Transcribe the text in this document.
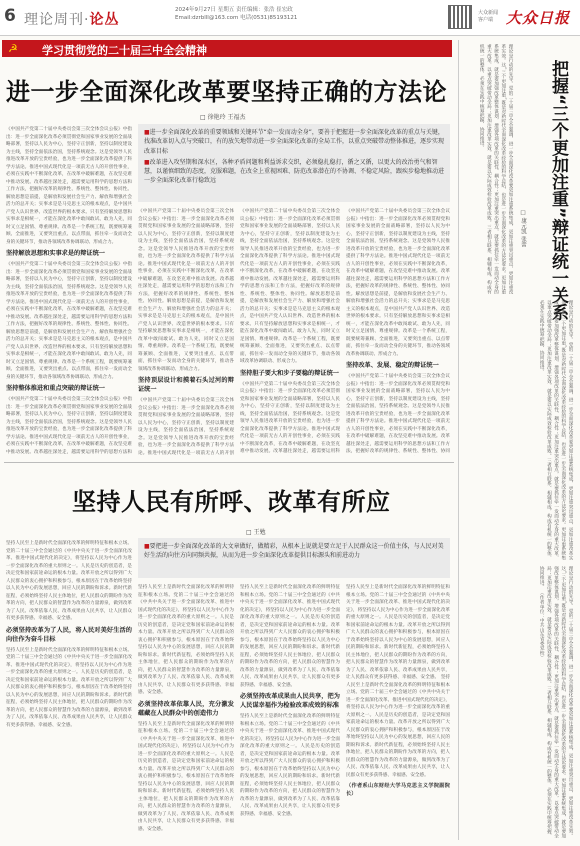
6 理论周刊·论丛
2024年9月27日 星期五 责任编辑：张浩 崔宏政
Email:dzrblll@163.com 电话(0531)85193121
大众新闻
客户端 大众日报
☭ 学习贯彻党的二十届三中全会精神
进一步全面深化改革要坚持正确的方法论
□ 徐艳玲 王福杰

■进一步全面深化改革的重要领域和关键环节“牵一发而动全身”，要善于把握进一步全面深化改革的重点与关键，找准改革切入点与突破口，有的放矢地带动进一步全面深化改革的全局工作，以重点突破带动整体推进，逐步实现改革目标

■改革进入攻坚期和深水区，各种矛盾问题和利益诉求交织，必须稳扎稳打，循之又循，以更大的改治勇气和智慧，以谨慎细致的态度，克服难题，在改全上重视困难、防范改革潜在的不协调、不稳定风险，跟疾步稳地推动进一步全面深化改革行稳致远

《中国共产党第二十届中央委员会第三次全体会议公报》中指出：进一步全面深化改革必须贯彻党和国家事业发展的全面战略部署，坚持以人民为中心，坚持守正创新，坚持以制度建设为主线，坚持全面依法治国，坚持系统观念。这是党领导人民推进改革开放的宝贵经验，也为进一步全面深化改革提供了科学方法论。推进中国式现代化是一项前无古人的开创性事业，必须在实践中不断深化改革，在改革中破解难题，在攻坚克难中推动发展。改革越往深处走，越需要运用科学的思想方法和工作方法，把握好改革的规律性、系统性、整体性、协同性。解放思想是前提，是解放和发展社会生产力、解放和增强社会活力的总开关；实事求是是马克思主义的根本观点，是中国共产党人认识世界、改造世界的根本要求。只有坚持解放思想和实事求是相统一，才能在深化改革中敢闯敢试、敢为人先，同时又立足国情、尊重规律。改革是一个系统工程，既要统筹兼顾、全面推进，又要突出重点、以点带面，抓住牵一发而动全身的关键环节，推动各领域改革协调联动、形成合力。
坚持解放思想和实事求是的辩证统一
《中国共产党第二十届中央委员会第三次全体会议公报》中指出：进一步全面深化改革必须贯彻党和国家事业发展的全面战略部署，坚持以人民为中心，坚持守正创新，坚持以制度建设为主线，坚持全面依法治国，坚持系统观念。这是党领导人民推进改革开放的宝贵经验，也为进一步全面深化改革提供了科学方法论。推进中国式现代化是一项前无古人的开创性事业，必须在实践中不断深化改革，在改革中破解难题，在攻坚克难中推动发展。改革越往深处走，越需要运用科学的思想方法和工作方法，把握好改革的规律性、系统性、整体性、协同性。解放思想是前提，是解放和发展社会生产力、解放和增强社会活力的总开关；实事求是是马克思主义的根本观点，是中国共产党人认识世界、改造世界的根本要求。只有坚持解放思想和实事求是相统一，才能在深化改革中敢闯敢试、敢为人先，同时又立足国情、尊重规律。改革是一个系统工程，既要统筹兼顾、全面推进，又要突出重点、以点带面，抓住牵一发而动全身的关键环节，推动各领域改革协调联动、形成合力。
坚持整体推进和重点突破的辩证统一
《中国共产党第二十届中央委员会第三次全体会议公报》中指出：进一步全面深化改革必须贯彻党和国家事业发展的全面战略部署，坚持以人民为中心，坚持守正创新，坚持以制度建设为主线，坚持全面依法治国，坚持系统观念。这是党领导人民推进改革开放的宝贵经验，也为进一步全面深化改革提供了科学方法论。推进中国式现代化是一项前无古人的开创性事业，必须在实践中不断深化改革，在改革中破解难题，在攻坚克难中推动发展。改革越往深处走，越需要运用科学的思想方法和
《中国共产党第二十届中央委员会第三次全体会议公报》中指出：进一步全面深化改革必须贯彻党和国家事业发展的全面战略部署，坚持以人民为中心，坚持守正创新，坚持以制度建设为主线，坚持全面依法治国，坚持系统观念。这是党领导人民推进改革开放的宝贵经验，也为进一步全面深化改革提供了科学方法论。推进中国式现代化是一项前无古人的开创性事业，必须在实践中不断深化改革，在改革中破解难题，在攻坚克难中推动发展。改革越往深处走，越需要运用科学的思想方法和工作方法，把握好改革的规律性、系统性、整体性、协同性。解放思想是前提，是解放和发展社会生产力、解放和增强社会活力的总开关；实事求是是马克思主义的根本观点，是中国共产党人认识世界、改造世界的根本要求。只有坚持解放思想和实事求是相统一，才能在深化改革中敢闯敢试、敢为人先，同时又立足国情、尊重规律。改革是一个系统工程，既要统筹兼顾、全面推进，又要突出重点、以点带面，抓住牵一发而动全身的关键环节，推动各领域改革协调联动、形成合力。
坚持顶层设计和摸着石头过河的辩证统一
《中国共产党第二十届中央委员会第三次全体会议公报》中指出：进一步全面深化改革必须贯彻党和国家事业发展的全面战略部署，坚持以人民为中心，坚持守正创新，坚持以制度建设为主线，坚持全面依法治国，坚持系统观念。这是党领导人民推进改革开放的宝贵经验，也为进一步全面深化改革提供了科学方法论。推进中国式现代化是一项前无古人的开创
《中国共产党第二十届中央委员会第三次全体会议公报》中指出：进一步全面深化改革必须贯彻党和国家事业发展的全面战略部署，坚持以人民为中心，坚持守正创新，坚持以制度建设为主线，坚持全面依法治国，坚持系统观念。这是党领导人民推进改革开放的宝贵经验，也为进一步全面深化改革提供了科学方法论。推进中国式现代化是一项前无古人的开创性事业，必须在实践中不断深化改革，在改革中破解难题，在攻坚克难中推动发展。改革越往深处走，越需要运用科学的思想方法和工作方法，把握好改革的规律性、系统性、整体性、协同性。解放思想是前提，是解放和发展社会生产力、解放和增强社会活力的总开关；实事求是是马克思主义的根本观点，是中国共产党人认识世界、改造世界的根本要求。只有坚持解放思想和实事求是相统一，才能在深化改革中敢闯敢试、敢为人先，同时又立足国情、尊重规律。改革是一个系统工程，既要统筹兼顾、全面推进，又要突出重点、以点带面，抓住牵一发而动全身的关键环节，推动各领域改革协调联动、形成合力。
坚持胆子要大和步子要稳的辩证统一
《中国共产党第二十届中央委员会第三次全体会议公报》中指出：进一步全面深化改革必须贯彻党和国家事业发展的全面战略部署，坚持以人民为中心，坚持守正创新，坚持以制度建设为主线，坚持全面依法治国，坚持系统观念。这是党领导人民推进改革开放的宝贵经验，也为进一步全面深化改革提供了科学方法论。推进中国式现代化是一项前无古人的开创性事业，必须在实践中不断深化改革，在改革中破解难题，在攻坚克难中推动发展。改革越往深处走，越需要运用科
《中国共产党第二十届中央委员会第三次全体会议公报》中指出：进一步全面深化改革必须贯彻党和国家事业发展的全面战略部署，坚持以人民为中心，坚持守正创新，坚持以制度建设为主线，坚持全面依法治国，坚持系统观念。这是党领导人民推进改革开放的宝贵经验，也为进一步全面深化改革提供了科学方法论。推进中国式现代化是一项前无古人的开创性事业，必须在实践中不断深化改革，在改革中破解难题，在攻坚克难中推动发展。改革越往深处走，越需要运用科学的思想方法和工作方法，把握好改革的规律性、系统性、整体性、协同性。解放思想是前提，是解放和发展社会生产力、解放和增强社会活力的总开关；实事求是是马克思主义的根本观点，是中国共产党人认识世界、改造世界的根本要求。只有坚持解放思想和实事求是相统一，才能在深化改革中敢闯敢试、敢为人先，同时又立足国情、尊重规律。改革是一个系统工程，既要统筹兼顾、全面推进，又要突出重点、以点带面，抓住牵一发而动全身的关键环节，推动各领域改革协调联动、形成合力。
坚持改革、发展、稳定的辩证统一
《中国共产党第二十届中央委员会第三次全体会议公报》中指出：进一步全面深化改革必须贯彻党和国家事业发展的全面战略部署，坚持以人民为中心，坚持守正创新，坚持以制度建设为主线，坚持全面依法治国，坚持系统观念。这是党领导人民推进改革开放的宝贵经验，也为进一步全面深化改革提供了科学方法论。推进中国式现代化是一项前无古人的开创性事业，必须在实践中不断深化改革，在改革中破解难题，在攻坚克难中推动发展。改革越往深处走，越需要运用科学的思想方法和工作方法，把握好改革的规律性、系统性、整体性、协同
坚持人民有所呼、改革有所应
□ 王勉

■要把进一步全面深化改革的大文章做好，做精彩，从根本上说就是要立足于人民群众这一价值主体，与人民对美好生活的向往方向同频共振，从而为进一步全面深化改革提供目标源头和前进动力

坚持人民至上是新时代全面深化改革的鲜明特征和根本立场。党的二十届三中全会通过的《中共中央关于进一步全面深化改革、推进中国式现代化的决定》，将坚持以人民为中心作为进一步全面深化改革的重大原则之一。人民是历史的创造者，是决定党和国家前途命运的根本力量。改革开放之所以得到广大人民群众的衷心拥护和积极参与，根本原因在于改革始终坚持以人民为中心的发展思想，回应人民的期盼和诉求。新时代新征程，必须始终坚持人民主体地位，把人民群众的期盼作为改革的方向，把人民群众的智慧作为改革的力量源泉，做到改革为了人民、改革依靠人民、改革成果由人民共享，让人民群众有更多获得感、幸福感、安全感。
必须坚持改革为了人民，将人民对美好生活的向往作为奋斗目标
坚持人民至上是新时代全面深化改革的鲜明特征和根本立场。党的二十届三中全会通过的《中共中央关于进一步全面深化改革、推进中国式现代化的决定》，将坚持以人民为中心作为进一步全面深化改革的重大原则之一。人民是历史的创造者，是决定党和国家前途命运的根本力量。改革开放之所以得到广大人民群众的衷心拥护和积极参与，根本原因在于改革始终坚持以人民为中心的发展思想，回应人民的期盼和诉求。新时代新征程，必须始终坚持人民主体地位，把人民群众的期盼作为改革的方向，把人民群众的智慧作为改革的力量源泉，做到改革为了人民、改革依靠人民、改革成果由人民共享，让人民群众有更多获得感、幸福感、安全感。
坚持人民至上是新时代全面深化改革的鲜明特征和根本立场。党的二十届三中全会通过的《中共中央关于进一步全面深化改革、推进中国式现代化的决定》，将坚持以人民为中心作为进一步全面深化改革的重大原则之一。人民是历史的创造者，是决定党和国家前途命运的根本力量。改革开放之所以得到广大人民群众的衷心拥护和积极参与，根本原因在于改革始终坚持以人民为中心的发展思想，回应人民的期盼和诉求。新时代新征程，必须始终坚持人民主体地位，把人民群众的期盼作为改革的方向，把人民群众的智慧作为改革的力量源泉，做到改革为了人民、改革依靠人民、改革成果由人民共享，让人民群众有更多获得感、幸福感、安全感。
必须坚持改革依靠人民，充分激发蕴藏在人民群众中的创造伟力
坚持人民至上是新时代全面深化改革的鲜明特征和根本立场。党的二十届三中全会通过的《中共中央关于进一步全面深化改革、推进中国式现代化的决定》，将坚持以人民为中心作为进一步全面深化改革的重大原则之一。人民是历史的创造者，是决定党和国家前途命运的根本力量。改革开放之所以得到广大人民群众的衷心拥护和积极参与，根本原因在于改革始终坚持以人民为中心的发展思想，回应人民的期盼和诉求。新时代新征程，必须始终坚持人民主体地位，把人民群众的期盼作为改革的方向，把人民群众的智慧作为改革的力量源泉，做到改革为了人民、改革依靠人民、改革成果由人民共享，让人民群众有更多获得感、幸福感、安全感。
坚持人民至上是新时代全面深化改革的鲜明特征和根本立场。党的二十届三中全会通过的《中共中央关于进一步全面深化改革、推进中国式现代化的决定》，将坚持以人民为中心作为进一步全面深化改革的重大原则之一。人民是历史的创造者，是决定党和国家前途命运的根本力量。改革开放之所以得到广大人民群众的衷心拥护和积极参与，根本原因在于改革始终坚持以人民为中心的发展思想，回应人民的期盼和诉求。新时代新征程，必须始终坚持人民主体地位，把人民群众的期盼作为改革的方向，把人民群众的智慧作为改革的力量源泉，做到改革为了人民、改革依靠人民、改革成果由人民共享，让人民群众有更多获得感、幸福感、安全感。
必须坚持改革成果由人民共享，把为人民谋幸福作为检验改革成效的标准
坚持人民至上是新时代全面深化改革的鲜明特征和根本立场。党的二十届三中全会通过的《中共中央关于进一步全面深化改革、推进中国式现代化的决定》，将坚持以人民为中心作为进一步全面深化改革的重大原则之一。人民是历史的创造者，是决定党和国家前途命运的根本力量。改革开放之所以得到广大人民群众的衷心拥护和积极参与，根本原因在于改革始终坚持以人民为中心的发展思想，回应人民的期盼和诉求。新时代新征程，必须始终坚持人民主体地位，把人民群众的期盼作为改革的方向，把人民群众的智慧作为改革的力量源泉，做到改革为了人民、改革依靠人民、改革成果由人民共享，让人民群众有更多获得感、幸福感、安全感。
坚持人民至上是新时代全面深化改革的鲜明特征和根本立场。党的二十届三中全会通过的《中共中央关于进一步全面深化改革、推进中国式现代化的决定》，将坚持以人民为中心作为进一步全面深化改革的重大原则之一。人民是历史的创造者，是决定党和国家前途命运的根本力量。改革开放之所以得到广大人民群众的衷心拥护和积极参与，根本原因在于改革始终坚持以人民为中心的发展思想，回应人民的期盼和诉求。新时代新征程，必须始终坚持人民主体地位，把人民群众的期盼作为改革的方向，把人民群众的智慧作为改革的力量源泉，做到改革为了人民、改革依靠人民、改革成果由人民共享，让人民群众有更多获得感、幸福感、安全感。 坚持人民至上是新时代全面深化改革的鲜明特征和根本立场。党的二十届三中全会通过的《中共中央关于进一步全面深化改革、推进中国式现代化的决定》，将坚持以人民为中心作为进一步全面深化改革的重大原则之一。人民是历史的创造者，是决定党和国家前途命运的根本力量。改革开放之所以得到广大人民群众的衷心拥护和积极参与，根本原因在于改革始终坚持以人民为中心的发展思想，回应人民的期盼和诉求。新时代新征程，必须始终坚持人民主体地位，把人民群众的期盼作为改革的方向，把人民群众的智慧作为改革的力量源泉，做到改革为了人民、改革依靠人民、改革成果由人民共享，让人民群众有更多获得感、幸福感、安全感。
（作者系山东财经大学马克思主义学院副院长）
把握“三个更加注重”辩证统一关系
□ 康元凯 张蕾
理论是行动的先导。党的二十届三中全会强调，进一步全面深化改革要更加注重系统集成，更加注重突出重点，更加注重改革实效。这“三个更加注重”既是对新时代全面深化改革经验的科学总结，也是进一步全面深化改革的方法论要求。更加注重系统集成，就是要加强改革整体谋划，增强各项改革的关联性、耦合性；更加注重突出重点，就是要抓住牵一发而动全身的重大改革，以重点突破带动全局；更加注重改革实效，就是要以实际成效检验改革成败。三者相互联系、相辅相成，构成有机统一的整体，必须在实践中统筹把握、协同推进。
理论是行动的先导。党的二十届三中全会强调，进一步全面深化改革要更加注重系统集成，更加注重突出重点，更加注重改革实效。这“三个更加注重”既是对新时代全面深化改革经验的科学总结，也是进一步全面深化改革的方法论要求。更加注重系统集成，就是要加强改革整体谋划，增强各项改革的关联性、耦合性；更加注重突出重点，就是要抓住牵一发而动全身的重大改革，以重点突破带动全局；更加注重改革实效，就是要以实际成效检验改革成败。三者相互联系、相辅相成，构成有机统一的整体，必须在实践中统筹把握、协同推进。
理论是行动的先导。党的二十届三中全会强调，进一步全面深化改革要更加注重系统集成，更加注重突出重点，更加注重改革实效。这“三个更加注重”既是对新时代全面深化改革经验的科学总结，也是进一步全面深化改革的方法论要求。更加注重系统集成，就是要加强改革整体谋划，增强各项改革的关联性、耦合性；更加注重突出重点，就是要抓住牵一发而动全身的重大改革，以重点突破带动全局；更加注重改革实效，就是要以实际成效检验改革成败。三者相互联系、相辅相成，构成有机统一的整体，必须在实践中统筹把握、协同推进。 （作者单位：中共山东省委党校）
